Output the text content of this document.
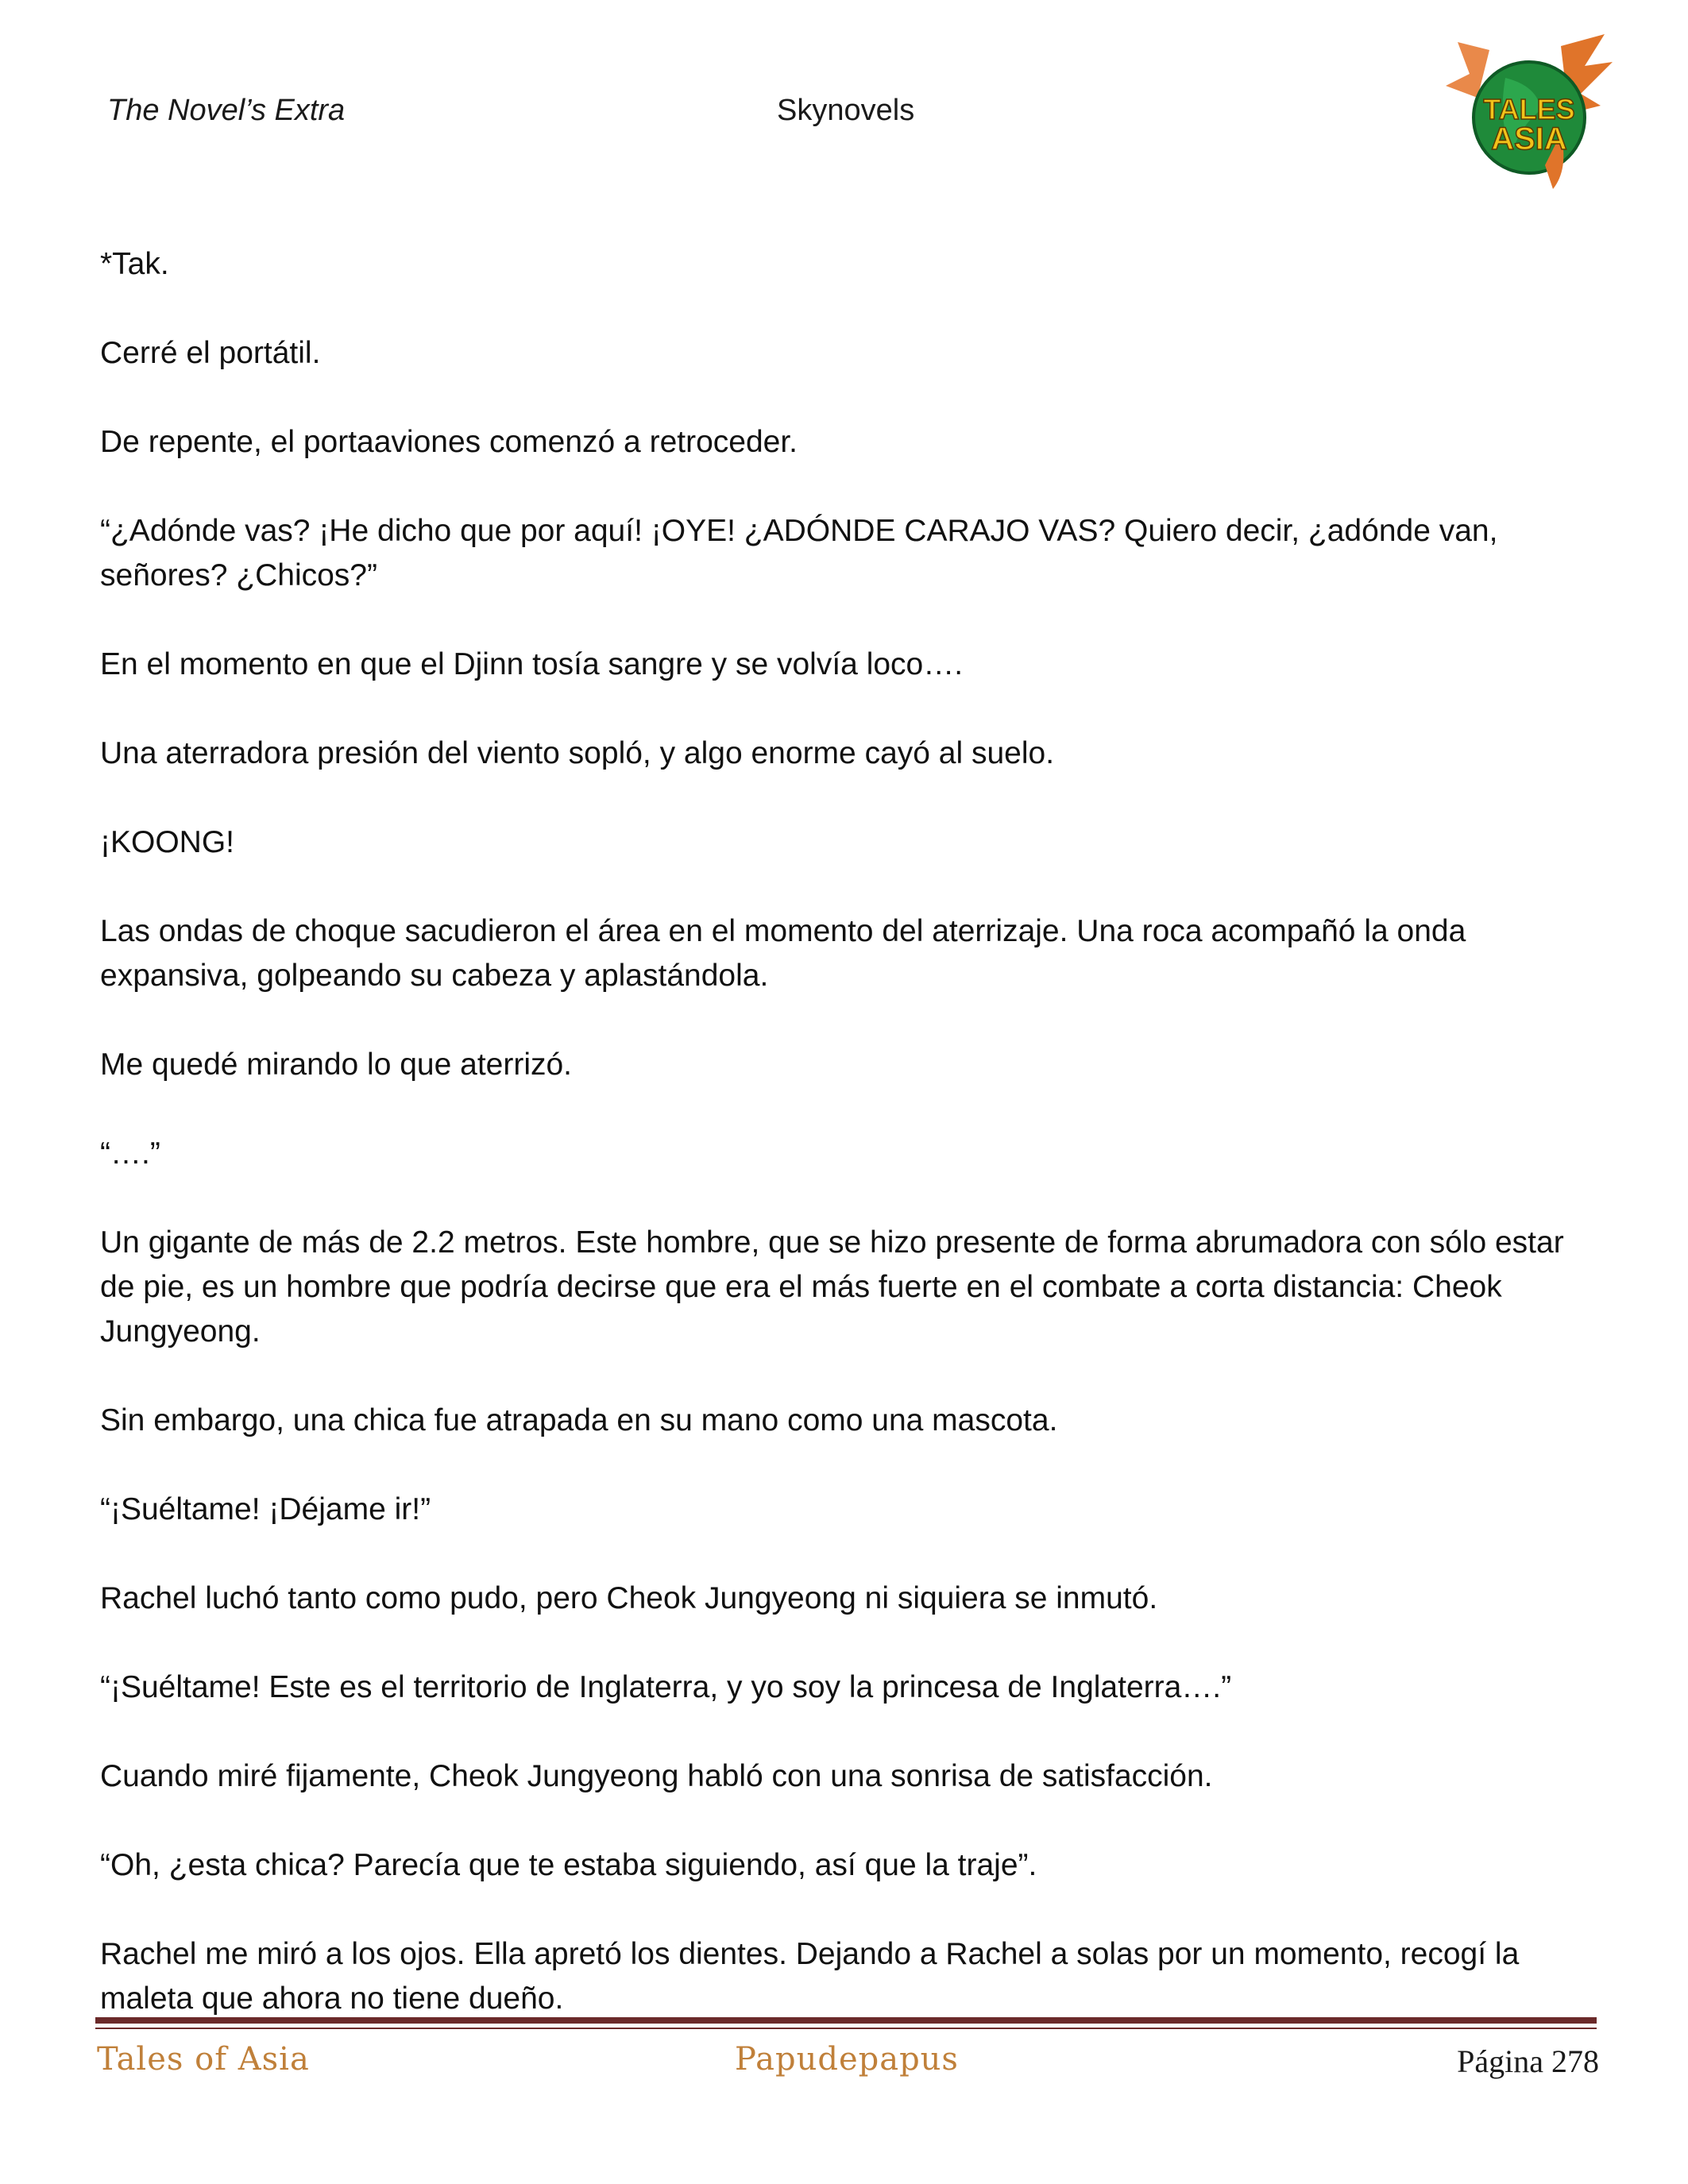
The Novel’s Extra	Skynovels	TALES
ASIA

*Tak.

Cerré el portátil.

De repente, el portaaviones comenzó a retroceder.

“¿Adónde vas? ¡He dicho que por aquí! ¡OYE! ¿ADÓNDE CARAJO VAS? Quiero decir, ¿adónde van, señores? ¿Chicos?”

En el momento en que el Djinn tosía sangre y se volvía loco….

Una aterradora presión del viento sopló, y algo enorme cayó al suelo.

¡KOONG!

Las ondas de choque sacudieron el área en el momento del aterrizaje. Una roca acompañó la onda expansiva, golpeando su cabeza y aplastándola.

Me quedé mirando lo que aterrizó.

“….”

Un gigante de más de 2.2 metros. Este hombre, que se hizo presente de forma abrumadora con sólo estar de pie, es un hombre que podría decirse que era el más fuerte en el combate a corta distancia: Cheok Jungyeong.

Sin embargo, una chica fue atrapada en su mano como una mascota.

“¡Suéltame! ¡Déjame ir!”

Rachel luchó tanto como pudo, pero Cheok Jungyeong ni siquiera se inmutó.

“¡Suéltame! Este es el territorio de Inglaterra, y yo soy la princesa de Inglaterra….”

Cuando miré fijamente, Cheok Jungyeong habló con una sonrisa de satisfacción.

“Oh, ¿esta chica? Parecía que te estaba siguiendo, así que la traje”.

Rachel me miró a los ojos. Ella apretó los dientes. Dejando a Rachel a solas por un momento, recogí la maleta que ahora no tiene dueño.

Tales of Asia	Papudepapus	Página 278
